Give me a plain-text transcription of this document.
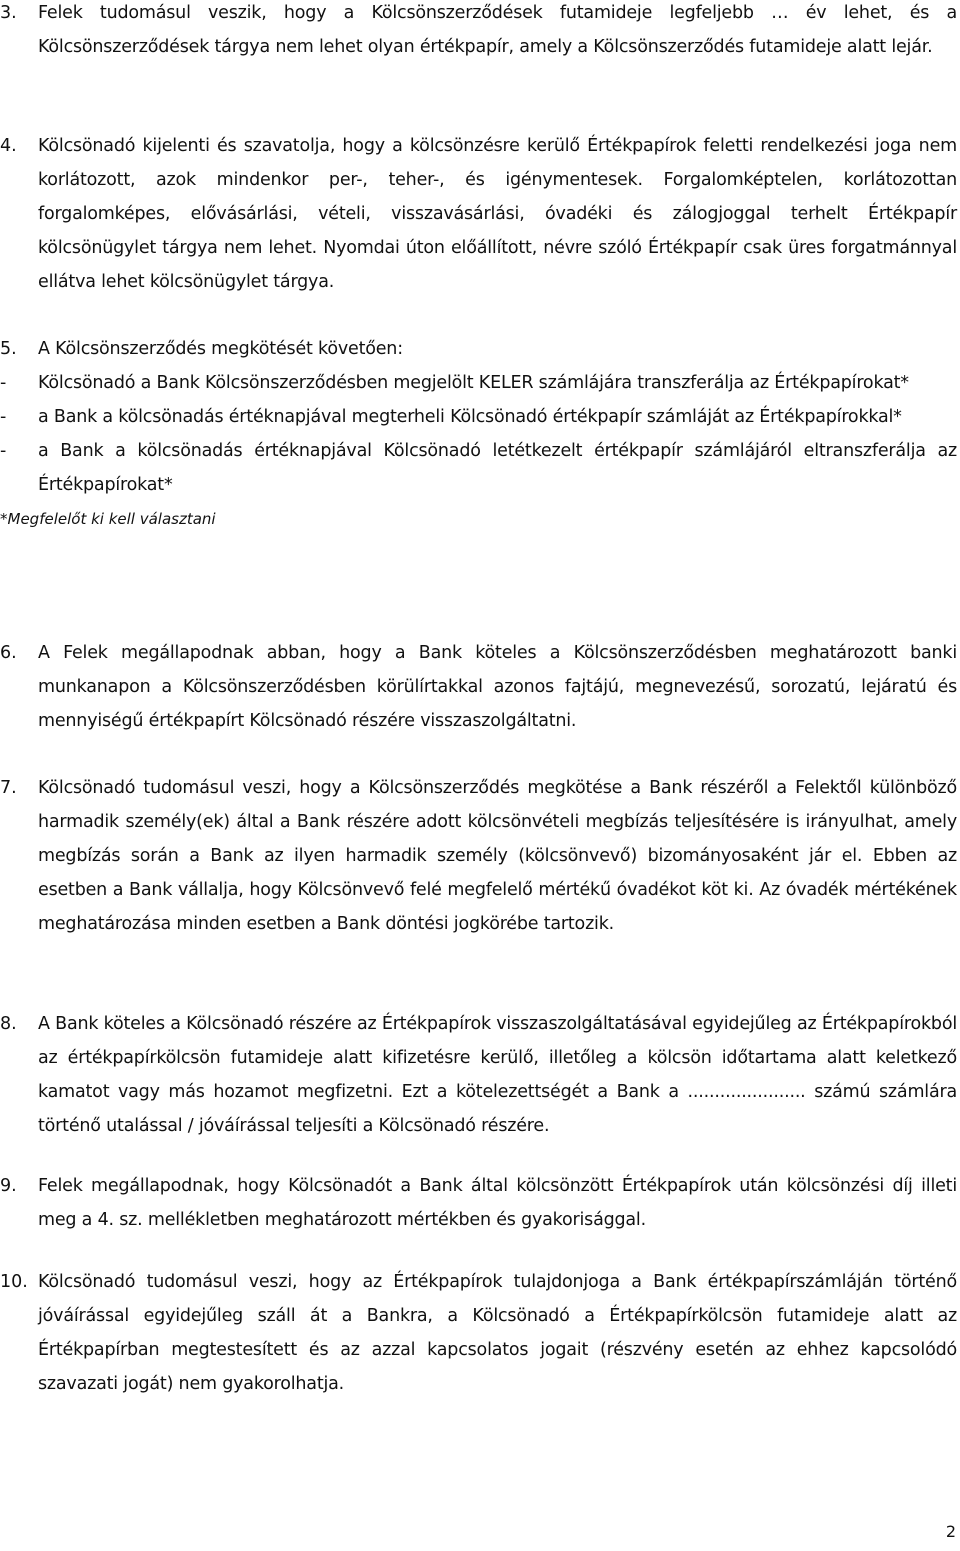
3. Felek tudomásul veszik, hogy a Kölcsönszerződések futamideje legfeljebb … év lehet, és a Kölcsönszerződések tárgya nem lehet olyan értékpapír, amely a Kölcsönszerződés futamideje alatt lejár.
4. Kölcsönadó kijelenti és szavatolja, hogy a kölcsönzésre kerülő Értékpapírok feletti rendelkezési joga nem korlátozott, azok mindenkor per-, teher-, és igénymentesek. Forgalomképtelen, korlátozottan forgalomképes, elővásárlási, vételi, visszavásárlási, óvadéki és zálogjoggal terhelt Értékpapír kölcsönügylet tárgya nem lehet. Nyomdai úton előállított, névre szóló Értékpapír csak üres forgatmánnyal ellátva lehet kölcsönügylet tárgya.
5. A Kölcsönszerződés megkötését követően:
- Kölcsönadó a Bank Kölcsönszerződésben megjelölt KELER számlájára transzferálja az Értékpapírokat*
- a Bank a kölcsönadás értéknapjával megterheli Kölcsönadó értékpapír számláját az Értékpapírokkal*
- a Bank a kölcsönadás értéknapjával Kölcsönadó letétkezelt értékpapír számlájáról eltranszferálja az Értékpapírokat*
*Megfelelőt ki kell választani
6. A Felek megállapodnak abban, hogy a Bank köteles a Kölcsönszerződésben meghatározott banki munkanapon a Kölcsönszerződésben körülírtakkal azonos fajtájú, megnevezésű, sorozatú, lejáratú és mennyiségű értékpapírt Kölcsönadó részére visszaszolgáltatni.
7. Kölcsönadó tudomásul veszi, hogy a Kölcsönszerződés megkötése a Bank részéről a Felektől különböző harmadik személy(ek) által a Bank részére adott kölcsönvételi megbízás teljesítésére is irányulhat, amely megbízás során a Bank az ilyen harmadik személy (kölcsönvevő) bizományosaként jár el. Ebben az esetben a Bank vállalja, hogy Kölcsönvevő felé megfelelő mértékű óvadékot köt ki. Az óvadék mértékének meghatározása minden esetben a Bank döntési jogkörébe tartozik.
8. A Bank köteles a Kölcsönadó részére az Értékpapírok visszaszolgáltatásával egyidejűleg az Értékpapírokból az értékpapírkölcsön futamideje alatt kifizetésre kerülő, illetőleg a kölcsön időtartama alatt keletkező kamatot vagy más hozamot megfizetni. Ezt a kötelezettségét a Bank a ...................... számú számlára történő utalással / jóváírással teljesíti a Kölcsönadó részére.
9. Felek megállapodnak, hogy Kölcsönadót a Bank által kölcsönzött Értékpapírok után kölcsönzési díj illeti meg a 4. sz. mellékletben meghatározott mértékben és gyakorisággal.
10. Kölcsönadó tudomásul veszi, hogy az Értékpapírok tulajdonjoga a Bank értékpapírszámláján történő jóváírással egyidejűleg száll át a Bankra, a Kölcsönadó a Értékpapírkölcsön futamideje alatt az Értékpapírban megtestesített és az azzal kapcsolatos jogait (részvény esetén az ehhez kapcsolódó szavazati jogát) nem gyakorolhatja.
2
